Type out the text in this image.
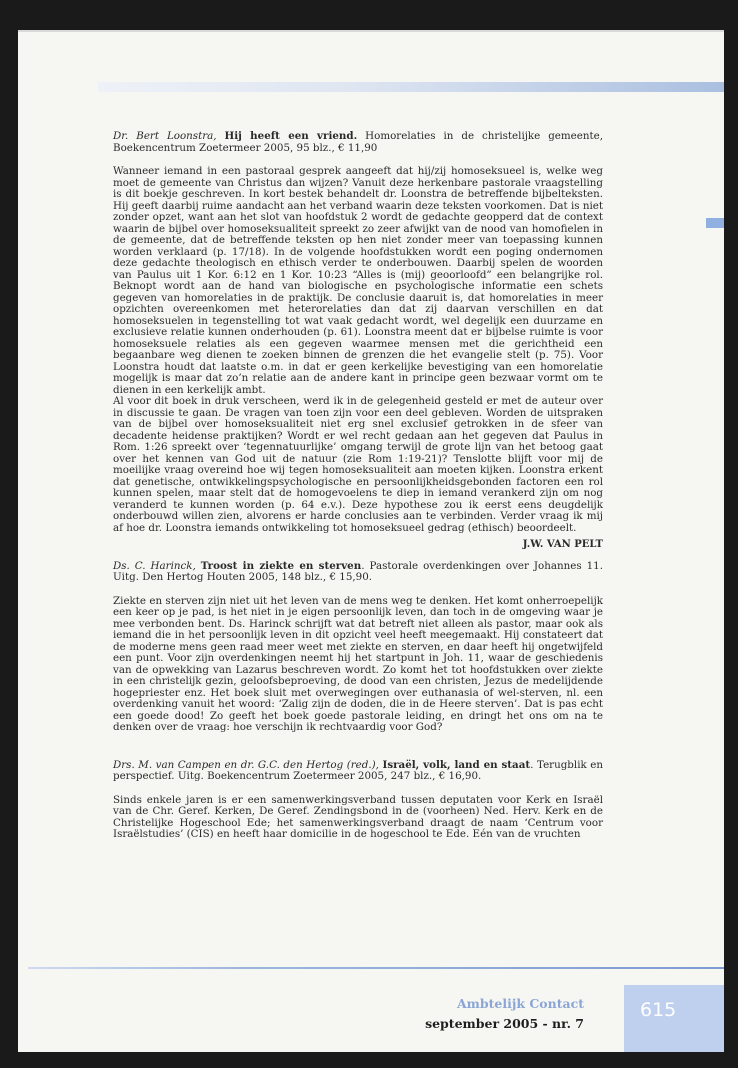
Dr. Bert Loonstra, Hij heeft een vriend. Homorelaties in de christelijke gemeente, Boekencentrum Zoetermeer 2005, 95 blz., € 11,90

Wanneer iemand in een pastoraal gesprek aangeeft dat hij/zij homoseksueel is, welke weg moet de gemeente van Christus dan wijzen? Vanuit deze herkenbare pastorale vraagstelling is dit boekje geschreven. In kort bestek behandelt dr. Loonstra de betreffende bijbelteksten. Hij geeft daarbij ruime aandacht aan het verband waarin deze teksten voorkomen. Dat is niet zonder opzet, want aan het slot van hoofdstuk 2 wordt de gedachte geopperd dat de context waarin de bijbel over homoseksualiteit spreekt zo zeer afwijkt van de nood van homofielen in de gemeente, dat de betreffende teksten op hen niet zonder meer van toepassing kunnen worden verklaard (p. 17/18). In de volgende hoofdstukken wordt een poging ondernomen deze gedachte theologisch en ethisch verder te onderbouwen. Daarbij spelen de woorden van Paulus uit 1 Kor. 6:12 en 1 Kor. 10:23 “Alles is (mij) geoorloofd” een belangrijke rol. Beknopt wordt aan de hand van biologische en psychologische informatie een schets gegeven van homorelaties in de praktijk. De conclusie daaruit is, dat homorelaties in meer opzichten overeenkomen met heterorelaties dan dat zij daarvan verschillen en dat homoseksuelen in tegenstelling tot wat vaak gedacht wordt, wel degelijk een duurzame en exclusieve relatie kunnen onderhouden (p. 61). Loonstra meent dat er bijbelse ruimte is voor homoseksuele relaties als een gegeven waarmee mensen met die gerichtheid een begaanbare weg dienen te zoeken binnen de grenzen die het evangelie stelt (p. 75). Voor Loonstra houdt dat laatste o.m. in dat er geen kerkelijke bevestiging van een homorelatie mogelijk is maar dat zo’n relatie aan de andere kant in principe geen bezwaar vormt om te dienen in een kerkelijk ambt.

Al voor dit boek in druk verscheen, werd ik in de gelegenheid gesteld er met de auteur over in discussie te gaan. De vragen van toen zijn voor een deel gebleven. Worden de uitspraken van de bijbel over homoseksualiteit niet erg snel exclusief getrokken in de sfeer van decadente heidense praktijken? Wordt er wel recht gedaan aan het gegeven dat Paulus in Rom. 1:26 spreekt over ‘tegennatuurlijke’ omgang terwijl de grote lijn van het betoog gaat over het kennen van God uit de natuur (zie Rom 1:19-21)? Tenslotte blijft voor mij de moeilijke vraag overeind hoe wij tegen homoseksualiteit aan moeten kijken. Loonstra erkent dat genetische, ontwikkelingspsychologische en persoonlijkheidsgebonden factoren een rol kunnen spelen, maar stelt dat de homogevoelens te diep in iemand verankerd zijn om nog veranderd te kunnen worden (p. 64 e.v.). Deze hypothese zou ik eerst eens deugdelijk onderbouwd willen zien, alvorens er harde conclusies aan te verbinden. Verder vraag ik mij af hoe dr. Loonstra iemands ontwikkeling tot homoseksueel gedrag (ethisch) beoordeelt.

J.W. VAN PELT

Ds. C. Harinck, Troost in ziekte en sterven. Pastorale overdenkingen over Johannes 11. Uitg. Den Hertog Houten 2005, 148 blz., € 15,90.

Ziekte en sterven zijn niet uit het leven van de mens weg te denken. Het komt onherroepelijk een keer op je pad, is het niet in je eigen persoonlijk leven, dan toch in de omgeving waar je mee verbonden bent. Ds. Harinck schrijft wat dat betreft niet alleen als pastor, maar ook als iemand die in het persoonlijk leven in dit opzicht veel heeft meegemaakt. Hij constateert dat de moderne mens geen raad meer weet met ziekte en sterven, en daar heeft hij ongetwijfeld een punt. Voor zijn overdenkingen neemt hij het startpunt in Joh. 11, waar de geschiedenis van de opwekking van Lazarus beschreven wordt. Zo komt het tot hoofdstukken over ziekte in een christelijk gezin, geloofsbeproeving, de dood van een christen, Jezus de medelijdende hogepriester enz. Het boek sluit met overwegingen over euthanasia of wel-sterven, nl. een overdenking vanuit het woord: ‘Zalig zijn de doden, die in de Heere sterven’. Dat is pas echt een goede dood! Zo geeft het boek goede pastorale leiding, en dringt het ons om na te denken over de vraag: hoe verschijn ik rechtvaardig voor God?

Drs. M. van Campen en dr. G.C. den Hertog (red.), Israël, volk, land en staat. Terugblik en perspectief. Uitg. Boekencentrum Zoetermeer 2005, 247 blz., € 16,90.

Sinds enkele jaren is er een samenwerkingsverband tussen deputaten voor Kerk en Israël van de Chr. Geref. Kerken, De Geref. Zendingsbond in de (voorheen) Ned. Herv. Kerk en de Christelijke Hogeschool Ede; het samenwerkingsverband draagt de naam ‘Centrum voor Israëlstudies’ (CIS) en heeft haar domicilie in de hogeschool te Ede. Eén van de vruchten

Ambtelijk Contact
september 2005 - nr. 7
615
